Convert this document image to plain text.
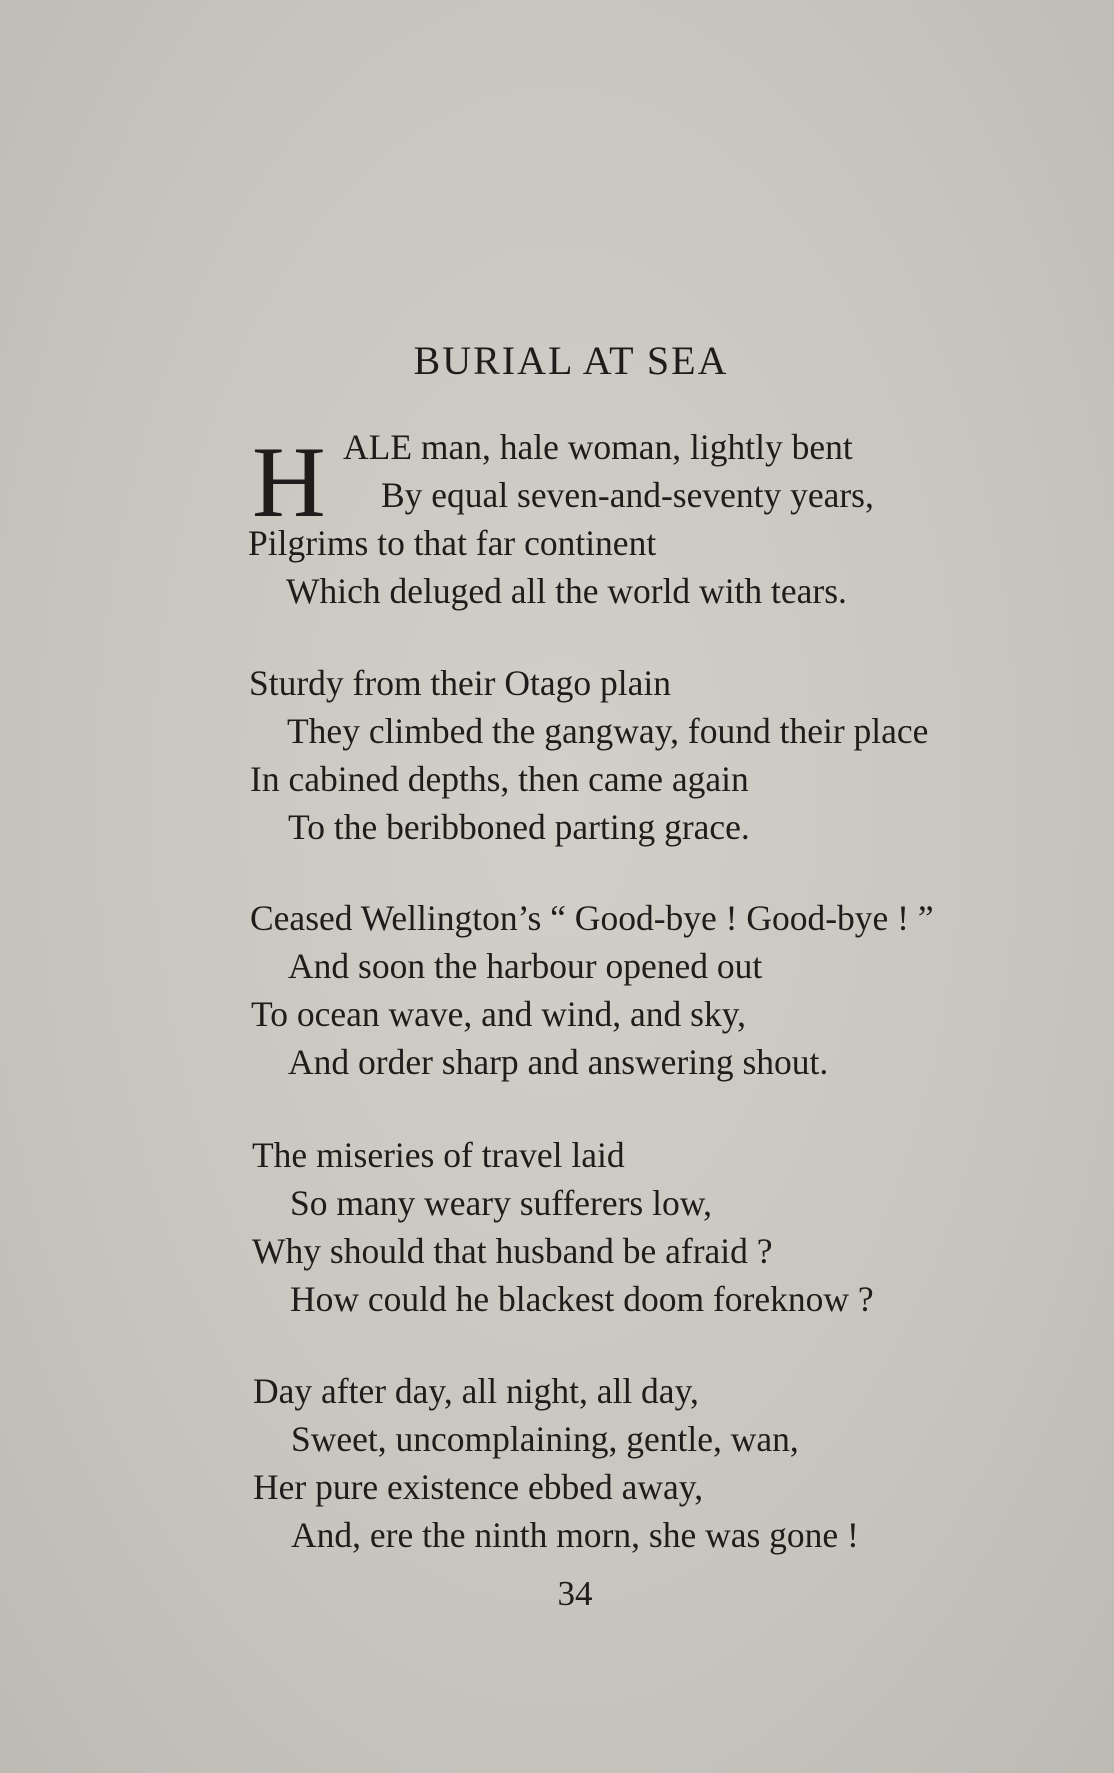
BURIAL AT SEA
H ALE man, hale woman, lightly bent
By equal seven-and-seventy years,
Pilgrims to that far continent
Which deluged all the world with tears.
Sturdy from their Otago plain
They climbed the gangway, found their place
In cabined depths, then came again
To the beribboned parting grace.
Ceased Wellington’s “ Good-bye ! Good-bye ! ”
And soon the harbour opened out
To ocean wave, and wind, and sky,
And order sharp and answering shout.
The miseries of travel laid
So many weary sufferers low,
Why should that husband be afraid ?
How could he blackest doom foreknow ?
Day after day, all night, all day,
Sweet, uncomplaining, gentle, wan,
Her pure existence ebbed away,
And, ere the ninth morn, she was gone !
34
